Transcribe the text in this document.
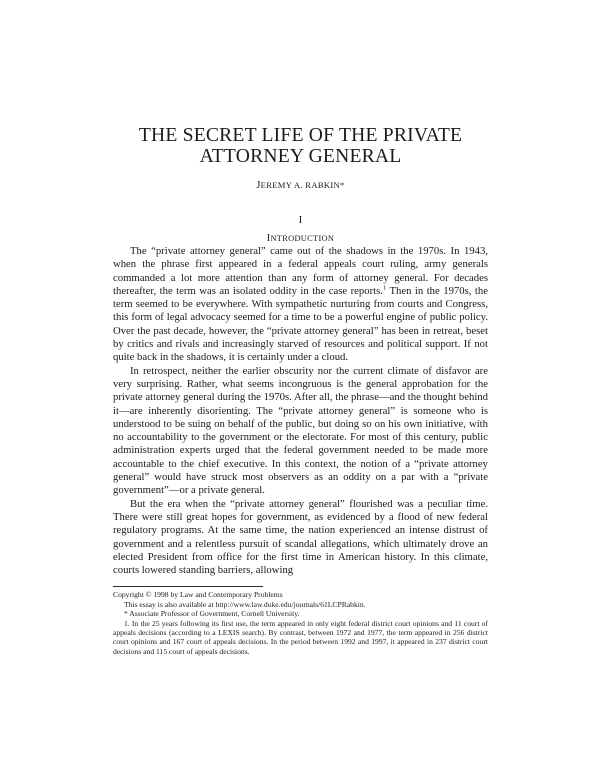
THE SECRET LIFE OF THE PRIVATE
ATTORNEY GENERAL
JEREMY A. RABKIN*
I
INTRODUCTION

The “private attorney general” came out of the shadows in the 1970s. In 1943, when the phrase first appeared in a federal appeals court ruling, army generals commanded a lot more attention than any form of attorney general. For decades thereafter, the term was an isolated oddity in the case reports.$^1$ Then in the 1970s, the term seemed to be everywhere. With sympathetic nurturing from courts and Congress, this form of legal advocacy seemed for a time to be a powerful engine of public policy. Over the past decade, however, the “private attorney general” has been in retreat, beset by critics and rivals and increasingly starved of resources and political support. If not quite back in the shadows, it is certainly under a cloud.

In retrospect, neither the earlier obscurity nor the current climate of disfavor are very surprising. Rather, what seems incongruous is the general approbation for the private attorney general during the 1970s. After all, the phrase—and the thought behind it—are inherently disorienting. The “private attorney general” is someone who is understood to be suing on behalf of the public, but doing so on his own initiative, with no accountability to the government or the electorate. For most of this century, public administration experts urged that the federal government needed to be made more accountable to the chief executive. In this context, the notion of a “private attorney general” would have struck most observers as an oddity on a par with a “private government”—or a private general.

But the era when the “private attorney general” flourished was a peculiar time. There were still great hopes for government, as evidenced by a flood of new federal regulatory programs. At the same time, the nation experienced an intense distrust of government and a relentless pursuit of scandal allegations, which ultimately drove an elected President from office for the first time in American history. In this climate, courts lowered standing barriers, allowing

Copyright © 1998 by Law and Contemporary Problems
This essay is also available at http://www.law.duke.edu/journals/61LCPRabkin.
* Associate Professor of Government, Cornell University.
1. In the 25 years following its first use, the term appeared in only eight federal district court opinions and 11 court of appeals decisions (according to a LEXIS search). By contrast, between 1972 and 1977, the term appeared in 256 district court opinions and 167 court of appeals decisions. In the period between 1992 and 1997, it appeared in 237 district court decisions and 115 court of appeals decisions.
